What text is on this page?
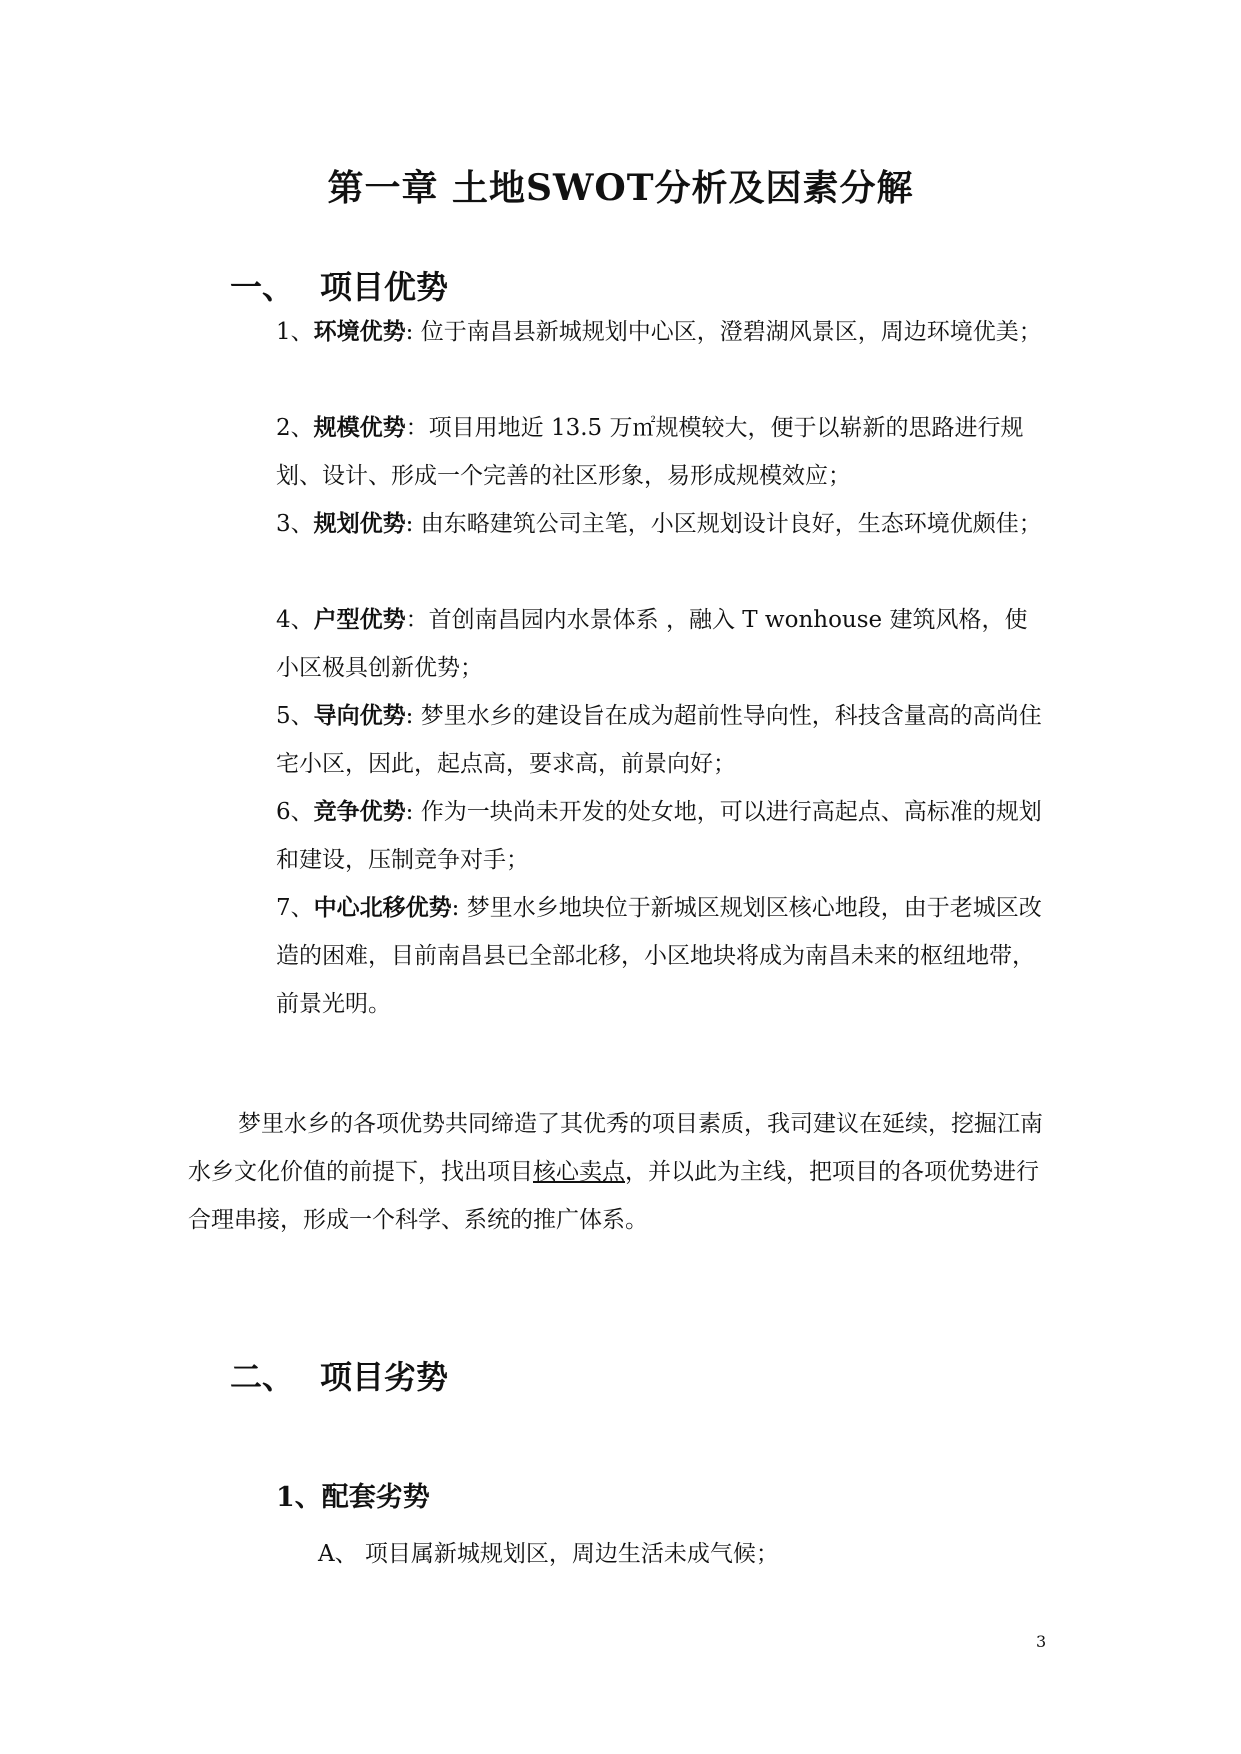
第一章 土地SWOT分析及因素分解
一、 项目优势
1、环境优势: 位于南昌县新城规划中心区，澄碧湖风景区，周边环境优美；
2、规模优势：项目用地近 13.5 万㎡规模较大，便于以崭新的思路进行规划、设计、形成一个完善的社区形象，易形成规模效应；
3、规划优势: 由东略建筑公司主笔，小区规划设计良好，生态环境优颇佳；
4、户型优势：首创南昌园内水景体系 ，融入 T wonhouse 建筑风格，使小区极具创新优势；
5、导向优势: 梦里水乡的建设旨在成为超前性导向性，科技含量高的高尚住宅小区，因此，起点高，要求高，前景向好；
6、竞争优势: 作为一块尚未开发的处女地，可以进行高起点、高标准的规划和建设，压制竞争对手；
7、中心北移优势: 梦里水乡地块位于新城区规划区核心地段，由于老城区改造的困难，目前南昌县已全部北移，小区地块将成为南昌未来的枢纽地带，前景光明。
梦里水乡的各项优势共同缔造了其优秀的项目素质，我司建议在延续，挖掘江南水乡文化价值的前提下，找出项目核心卖点，并以此为主线，把项目的各项优势进行合理串接，形成一个科学、系统的推广体系。
二、 项目劣势
1、配套劣势
A、 项目属新城规划区，周边生活未成气候；
3
